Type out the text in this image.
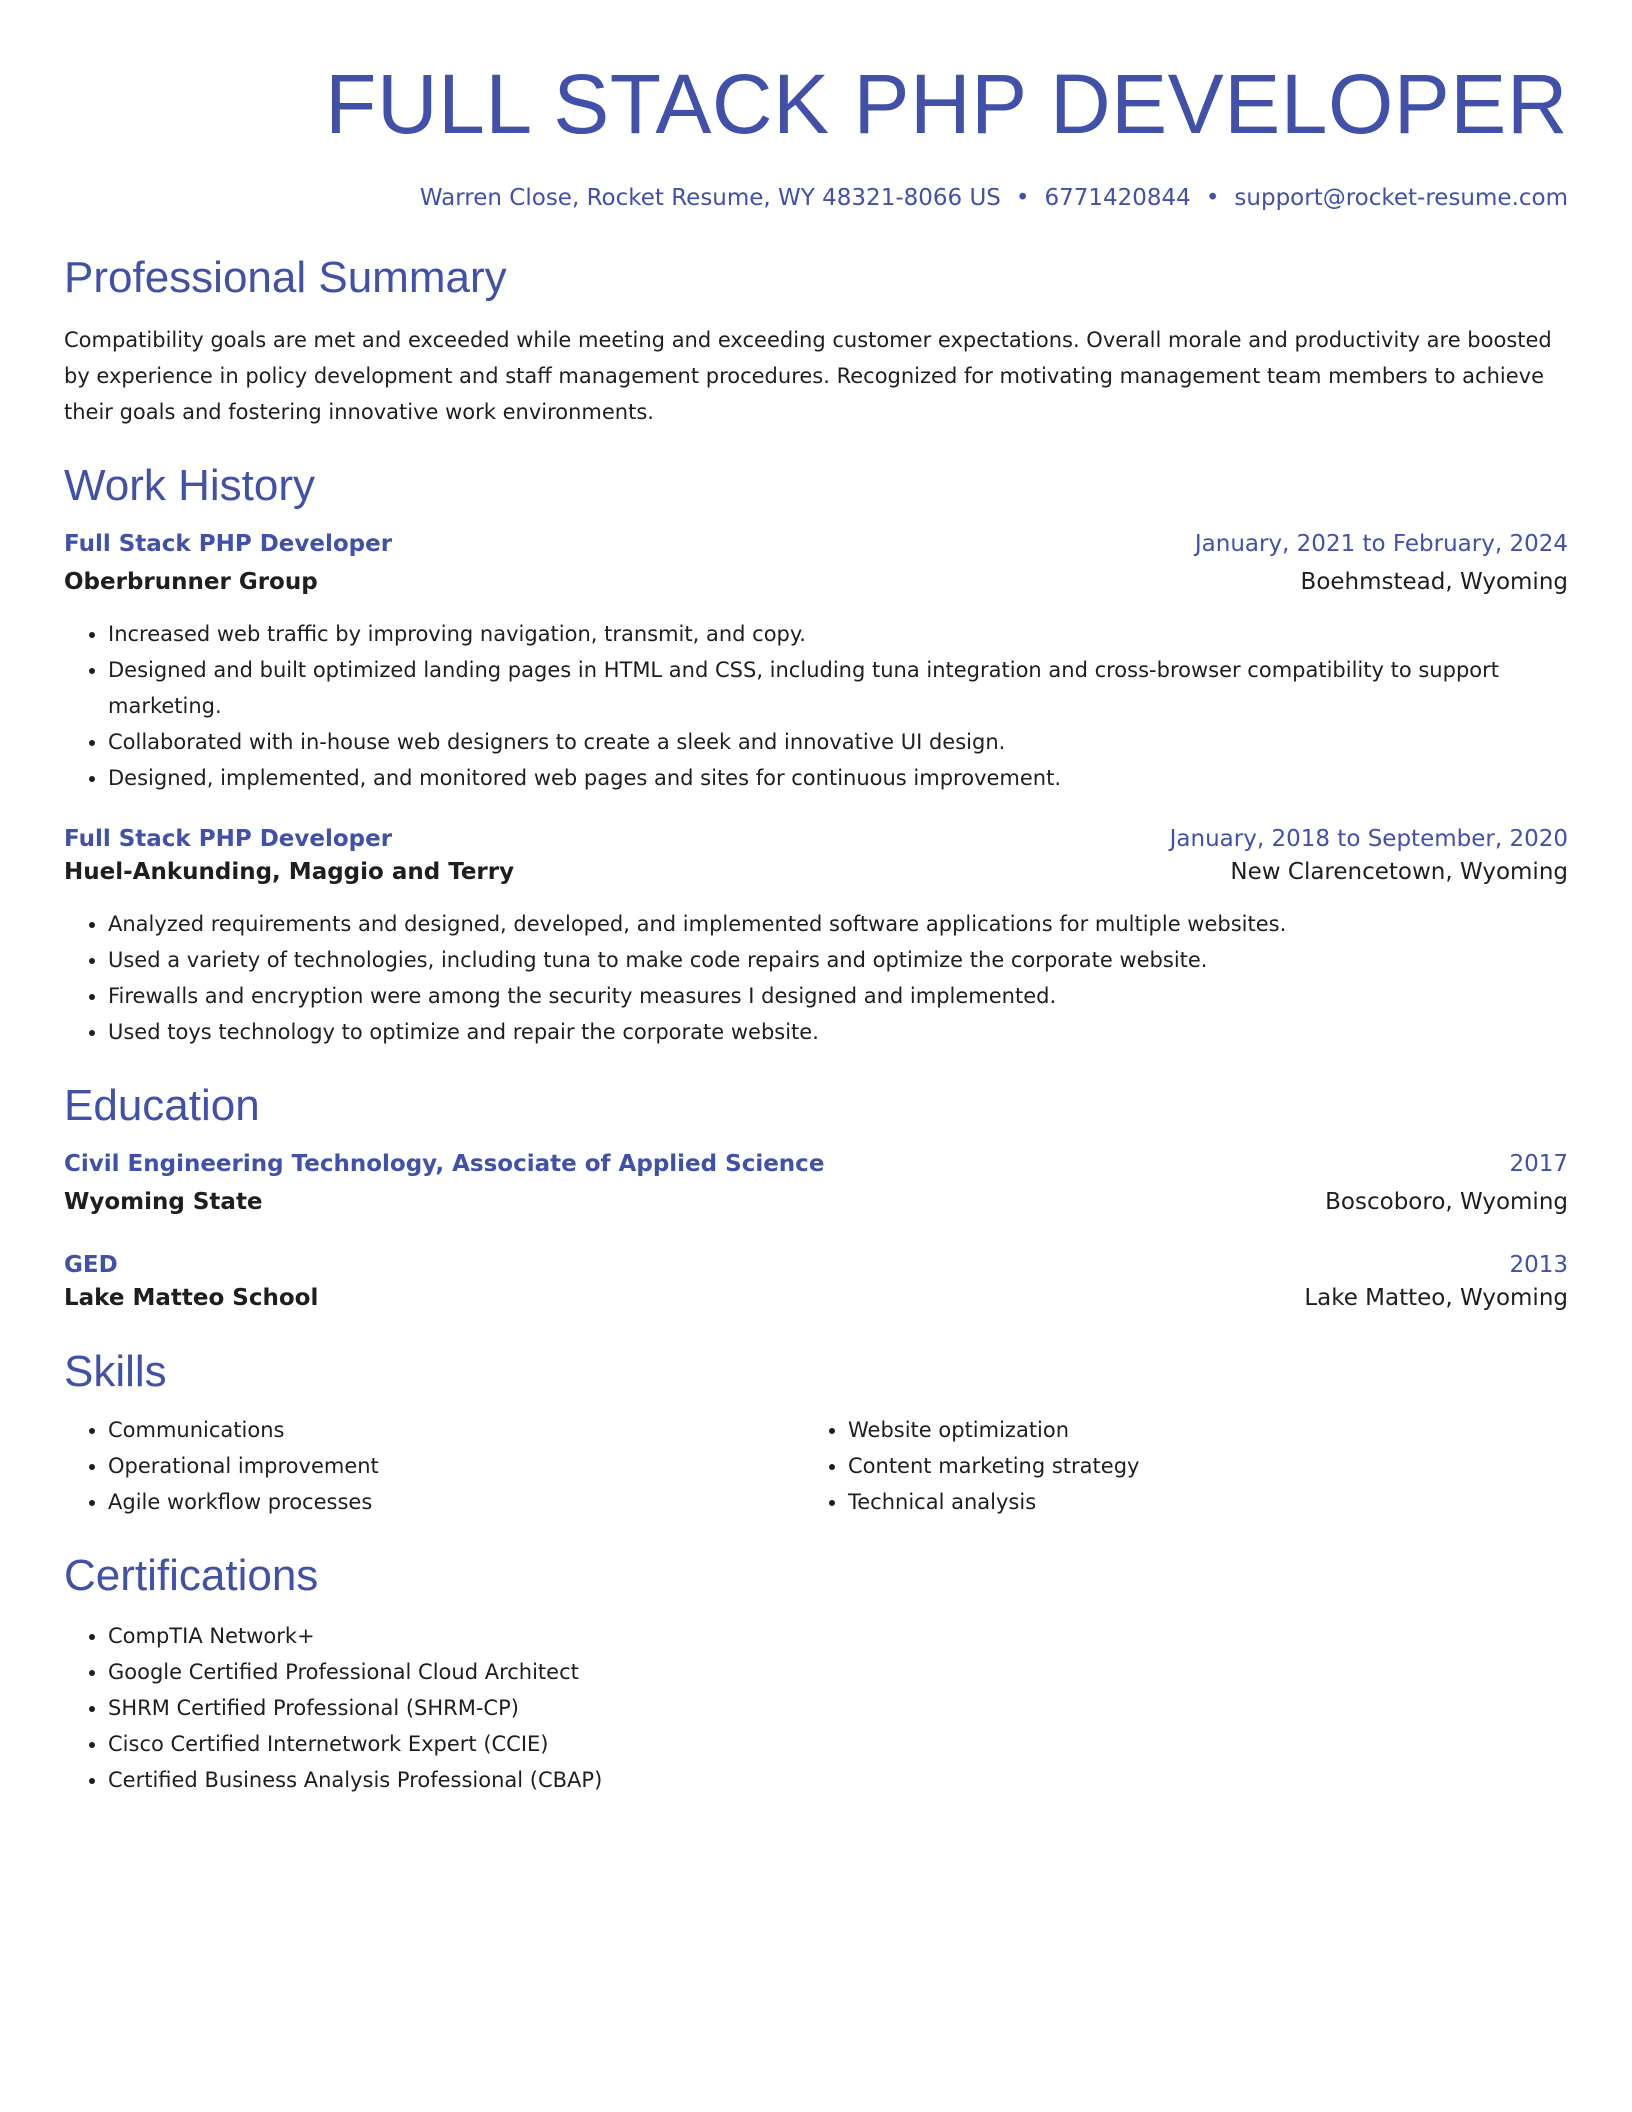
FULL STACK PHP DEVELOPER
Warren Close, Rocket Resume, WY 48321-8066 US • 6771420844 • support@rocket-resume.com
Professional Summary

Compatibility goals are met and exceeded while meeting and exceeding customer expectations. Overall morale and productivity are boosted by experience in policy development and staff management procedures. Recognized for motivating management team members to achieve their goals and fostering innovative work environments.

Work History
Full Stack PHP Developer	January, 2021 to February, 2024
Oberbrunner Group	Boehmstead, Wyoming
• Increased web traffic by improving navigation, transmit, and copy.
• Designed and built optimized landing pages in HTML and CSS, including tuna integration and cross-browser compatibility to support marketing.
• Collaborated with in-house web designers to create a sleek and innovative UI design.
• Designed, implemented, and monitored web pages and sites for continuous improvement.
Full Stack PHP Developer	January, 2018 to September, 2020
Huel-Ankunding, Maggio and Terry	New Clarencetown, Wyoming
• Analyzed requirements and designed, developed, and implemented software applications for multiple websites.
• Used a variety of technologies, including tuna to make code repairs and optimize the corporate website.
• Firewalls and encryption were among the security measures I designed and implemented.
• Used toys technology to optimize and repair the corporate website.
Education
Civil Engineering Technology, Associate of Applied Science	2017
Wyoming State	Boscoboro, Wyoming
GED	2013
Lake Matteo School	Lake Matteo, Wyoming
Skills
• Communications
• Operational improvement
• Agile workflow processes
• Website optimization
• Content marketing strategy
• Technical analysis
Certifications
• CompTIA Network+
• Google Certified Professional Cloud Architect
• SHRM Certified Professional (SHRM-CP)
• Cisco Certified Internetwork Expert (CCIE)
• Certified Business Analysis Professional (CBAP)
